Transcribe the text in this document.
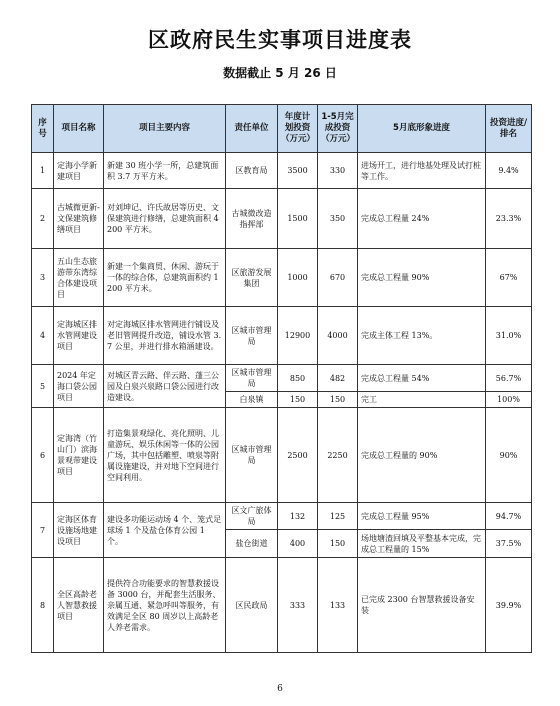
区政府民生实事项目进度表
数据截止 5 月 26 日
序号	项目名称	项目主要内容	责任单位	年度计划投资（万元）	1-5月完成投资（万元）	5月底形象进度	投资进度/排名
1	定海小学新建项目	新建 30 班小学一所，总建筑面积 3.7 万平方米。	区教育局	3500	330	进场开工，进行地基处理及试打桩等工作。	9.4%
2	古城微更新-文保建筑修缮项目	对刘坤记、许氏故居等历史、文保建筑进行修缮，总建筑面积 4200 平方米。	古城微改造指挥部	1500	350	完成总工程量 24%	23.3%
3	五山生态旅游带东湾综合体建设项目	新建一个集商贸、休闲、游玩于一体的综合体，总建筑面积约 1200 平方米。	区旅游发展集团	1000	670	完成总工程量 90%	67%
4	定海城区排水管网建设项目	对定海城区排水管网进行铺设及老旧管网提升改造，铺设水管 3.7 公里，并进行排水箱涵建设。	区城市管理局	12900	4000	完成主体工程 13%。	31.0%
5	2024 年定海口袋公园项目	对城区青云路、伴云路、蓬三公园及白泉兴泉路口袋公园进行改造建设。	区城市管理局	850	482	完成总工程量 54%	56.7%
			白泉镇	150	150	完工	100%
6	定海湾（竹山门）滨海景观带建设项目	打造集景观绿化、亮化照明、儿童游玩、娱乐休闲等一体的公园广场，其中包括雕塑、喷泉等附属设施建设，并对地下空间进行空间利用。	区城市管理局	2500	2250	完成总工程量的 90%	90%
7	定海区体育设施场地建设项目	建设多功能运动场 4 个、笼式足球场 1 个及盐仓体育公园 1 个。	区文广旅体局	132	125	完成总工程量 95%	94.7%
			盐仓街道	400	150	场地塘渣回填及平整基本完成，完成总工程量的 15%	37.5%
8	全区高龄老人智慧救援项目	提供符合功能要求的智慧救援设备 3000 台，并配套生活服务、亲属互通、紧急呼叫等服务，有效满足全区 80 周岁以上高龄老人养老需求。	区民政局	333	133	已完成 2300 台智慧救援设备安装	39.9%
6
